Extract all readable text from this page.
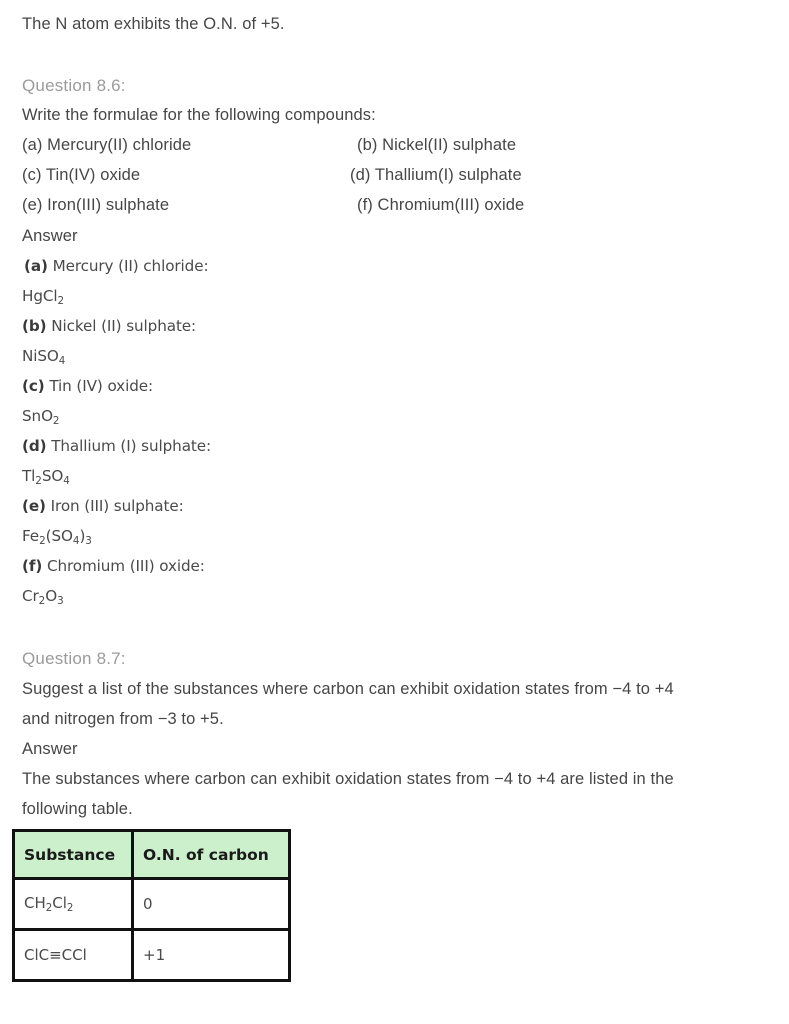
The N atom exhibits the O.N. of +5.
Question 8.6:
Write the formulae for the following compounds:
(a) Mercury(II) chloride	(b) Nickel(II) sulphate
(c) Tin(IV) oxide	(d) Thallium(I) sulphate
(e) Iron(III) sulphate	(f) Chromium(III) oxide
Answer
(a) Mercury (II) chloride:
HgCl$_2$
(b) Nickel (II) sulphate:
NiSO$_4$
(c) Tin (IV) oxide:
SnO$_2$
(d) Thallium (I) sulphate:
$Tl_2SO_4$
(e) Iron (III) sulphate:
$Fe_2(SO_4)_3$
(f) Chromium (III) oxide:
$Cr_2O_3$
Question 8.7:
Suggest a list of the substances where carbon can exhibit oxidation states from −4 to +4
and nitrogen from −3 to +5.
Answer
The substances where carbon can exhibit oxidation states from −4 to +4 are listed in the
following table.
Substance	O.N. of carbon
$CH_2Cl_2$	0
ClC≡CCl	+1
